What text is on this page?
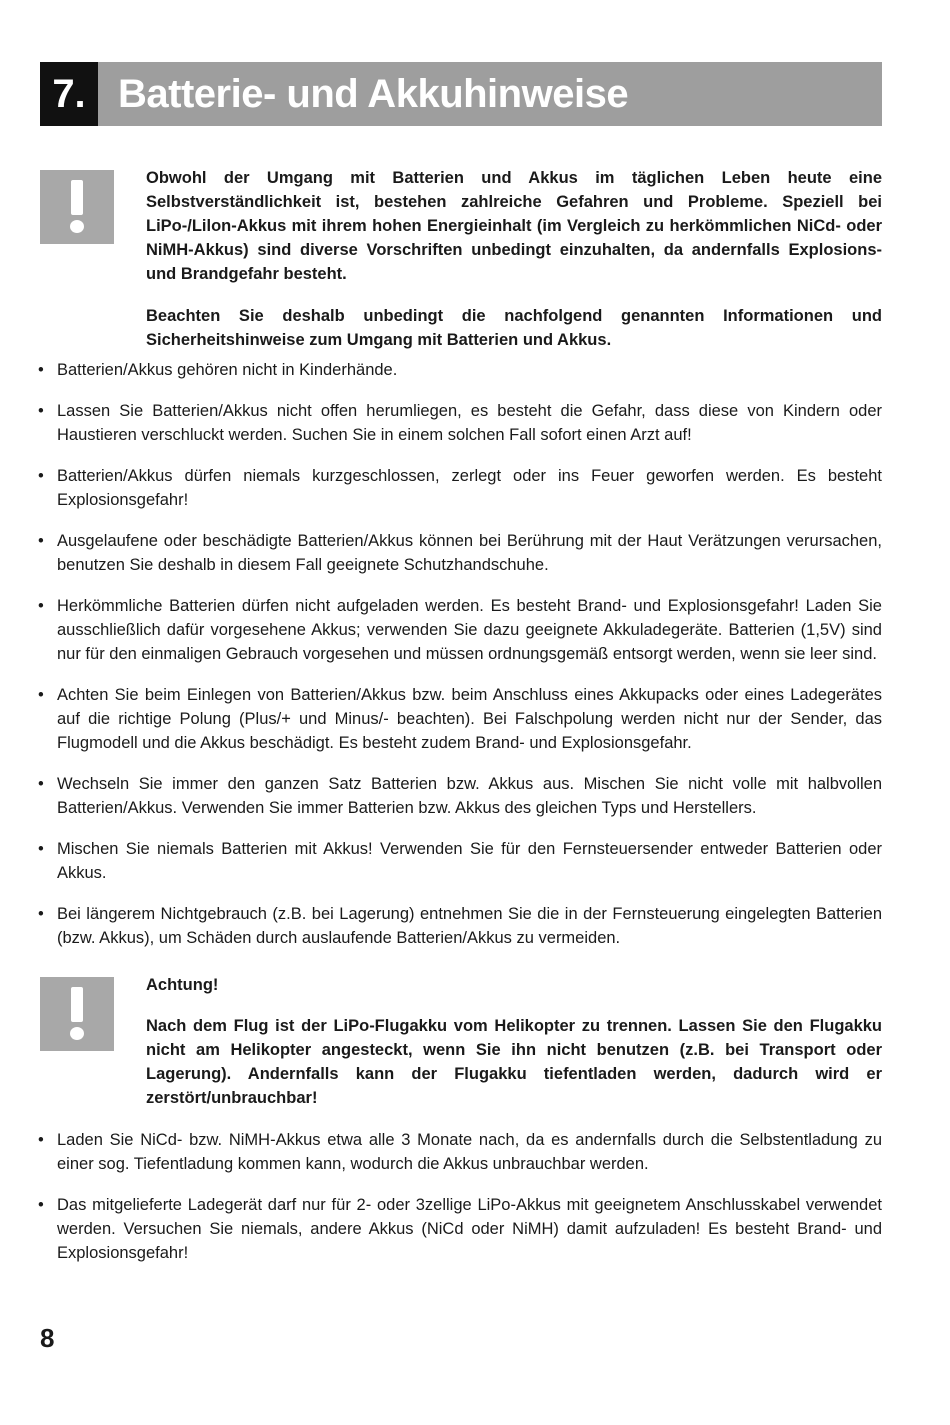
7. Batterie- und Akkuhinweise

Obwohl der Umgang mit Batterien und Akkus im täglichen Leben heute eine Selbstverständlichkeit ist, bestehen zahlreiche Gefahren und Probleme. Speziell bei LiPo-/Lilon-Akkus mit ihrem hohen Energieinhalt (im Vergleich zu herkömmlichen NiCd- oder NiMH-Akkus) sind diverse Vorschriften unbedingt einzuhalten, da andernfalls Explosions- und Brandgefahr besteht.

Beachten Sie deshalb unbedingt die nachfolgend genannten Informationen und Sicherheitshinweise zum Umgang mit Batterien und Akkus.

• Batterien/Akkus gehören nicht in Kinderhände.
• Lassen Sie Batterien/Akkus nicht offen herumliegen, es besteht die Gefahr, dass diese von Kindern oder Haustieren verschluckt werden. Suchen Sie in einem solchen Fall sofort einen Arzt auf!
• Batterien/Akkus dürfen niemals kurzgeschlossen, zerlegt oder ins Feuer geworfen werden. Es besteht Explosionsgefahr!
• Ausgelaufene oder beschädigte Batterien/Akkus können bei Berührung mit der Haut Verätzungen verursachen, benutzen Sie deshalb in diesem Fall geeignete Schutzhandschuhe.
• Herkömmliche Batterien dürfen nicht aufgeladen werden. Es besteht Brand- und Explosionsgefahr! Laden Sie ausschließlich dafür vorgesehene Akkus; verwenden Sie dazu geeignete Akkuladegeräte. Batterien (1,5V) sind nur für den einmaligen Gebrauch vorgesehen und müssen ordnungsgemäß entsorgt werden, wenn sie leer sind.
• Achten Sie beim Einlegen von Batterien/Akkus bzw. beim Anschluss eines Akkupacks oder eines Ladegerätes auf die richtige Polung (Plus/+ und Minus/- beachten). Bei Falschpolung werden nicht nur der Sender, das Flugmodell und die Akkus beschädigt. Es besteht zudem Brand- und Explosionsgefahr.
• Wechseln Sie immer den ganzen Satz Batterien bzw. Akkus aus. Mischen Sie nicht volle mit halbvollen Batterien/Akkus. Verwenden Sie immer Batterien bzw. Akkus des gleichen Typs und Herstellers.
• Mischen Sie niemals Batterien mit Akkus! Verwenden Sie für den Fernsteuersender entweder Batterien oder Akkus.
• Bei längerem Nichtgebrauch (z.B. bei Lagerung) entnehmen Sie die in der Fernsteuerung eingelegten Batterien (bzw. Akkus), um Schäden durch auslaufende Batterien/Akkus zu vermeiden.

Achtung!

Nach dem Flug ist der LiPo-Flugakku vom Helikopter zu trennen. Lassen Sie den Flugakku nicht am Helikopter angesteckt, wenn Sie ihn nicht benutzen (z.B. bei Transport oder Lagerung). Andernfalls kann der Flugakku tiefentladen werden, dadurch wird er zerstört/unbrauchbar!

• Laden Sie NiCd- bzw. NiMH-Akkus etwa alle 3 Monate nach, da es andernfalls durch die Selbstentladung zu einer sog. Tiefentladung kommen kann, wodurch die Akkus unbrauchbar werden.
• Das mitgelieferte Ladegerät darf nur für 2- oder 3zellige LiPo-Akkus mit geeignetem Anschlusskabel verwendet werden. Versuchen Sie niemals, andere Akkus (NiCd oder NiMH) damit aufzuladen! Es besteht Brand- und Explosionsgefahr!
8
